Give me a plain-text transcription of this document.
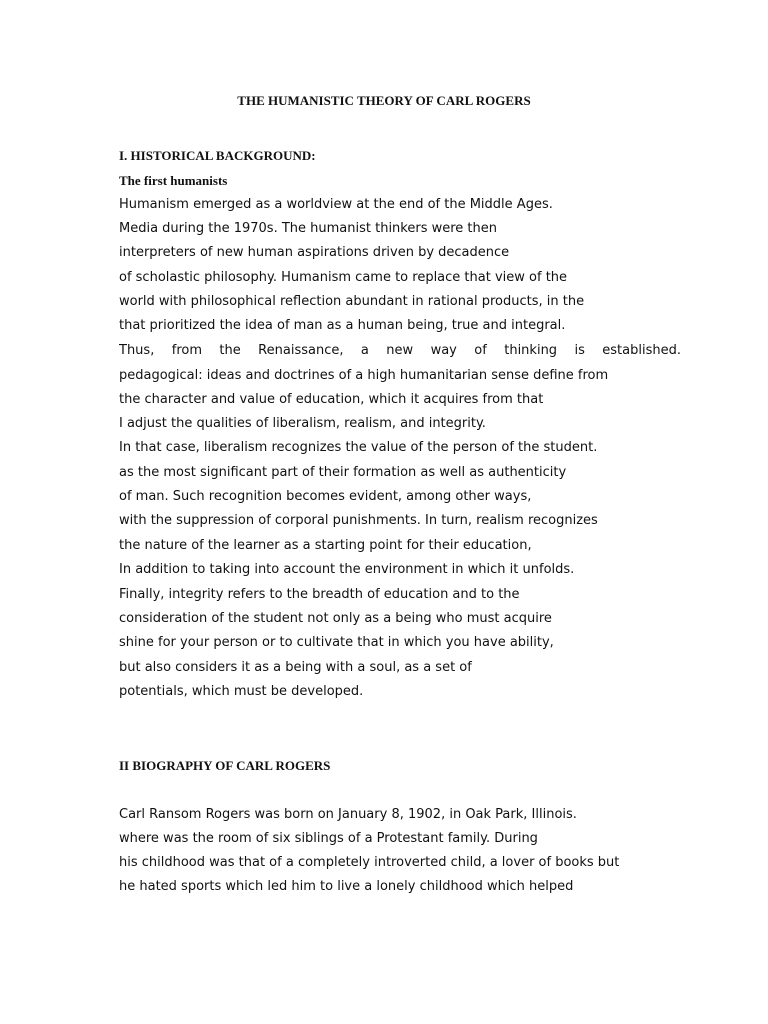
THE HUMANISTIC THEORY OF CARL ROGERS
I. HISTORICAL BACKGROUND:
The first humanists
Humanism emerged as a worldview at the end of the Middle Ages.
Media during the 1970s. The humanist thinkers were then
interpreters of new human aspirations driven by decadence
of scholastic philosophy. Humanism came to replace that view of the
world with philosophical reflection abundant in rational products, in the
that prioritized the idea of man as a human being, true and integral.
Thus, from the Renaissance, a new way of thinking is established.
pedagogical: ideas and doctrines of a high humanitarian sense define from
the character and value of education, which it acquires from that
I adjust the qualities of liberalism, realism, and integrity.
In that case, liberalism recognizes the value of the person of the student.
as the most significant part of their formation as well as authenticity
of man. Such recognition becomes evident, among other ways,
with the suppression of corporal punishments. In turn, realism recognizes
the nature of the learner as a starting point for their education,
In addition to taking into account the environment in which it unfolds.
Finally, integrity refers to the breadth of education and to the
consideration of the student not only as a being who must acquire
shine for your person or to cultivate that in which you have ability,
but also considers it as a being with a soul, as a set of
potentials, which must be developed.
II BIOGRAPHY OF CARL ROGERS
Carl Ransom Rogers was born on January 8, 1902, in Oak Park, Illinois.
where was the room of six siblings of a Protestant family. During
his childhood was that of a completely introverted child, a lover of books but
he hated sports which led him to live a lonely childhood which helped
